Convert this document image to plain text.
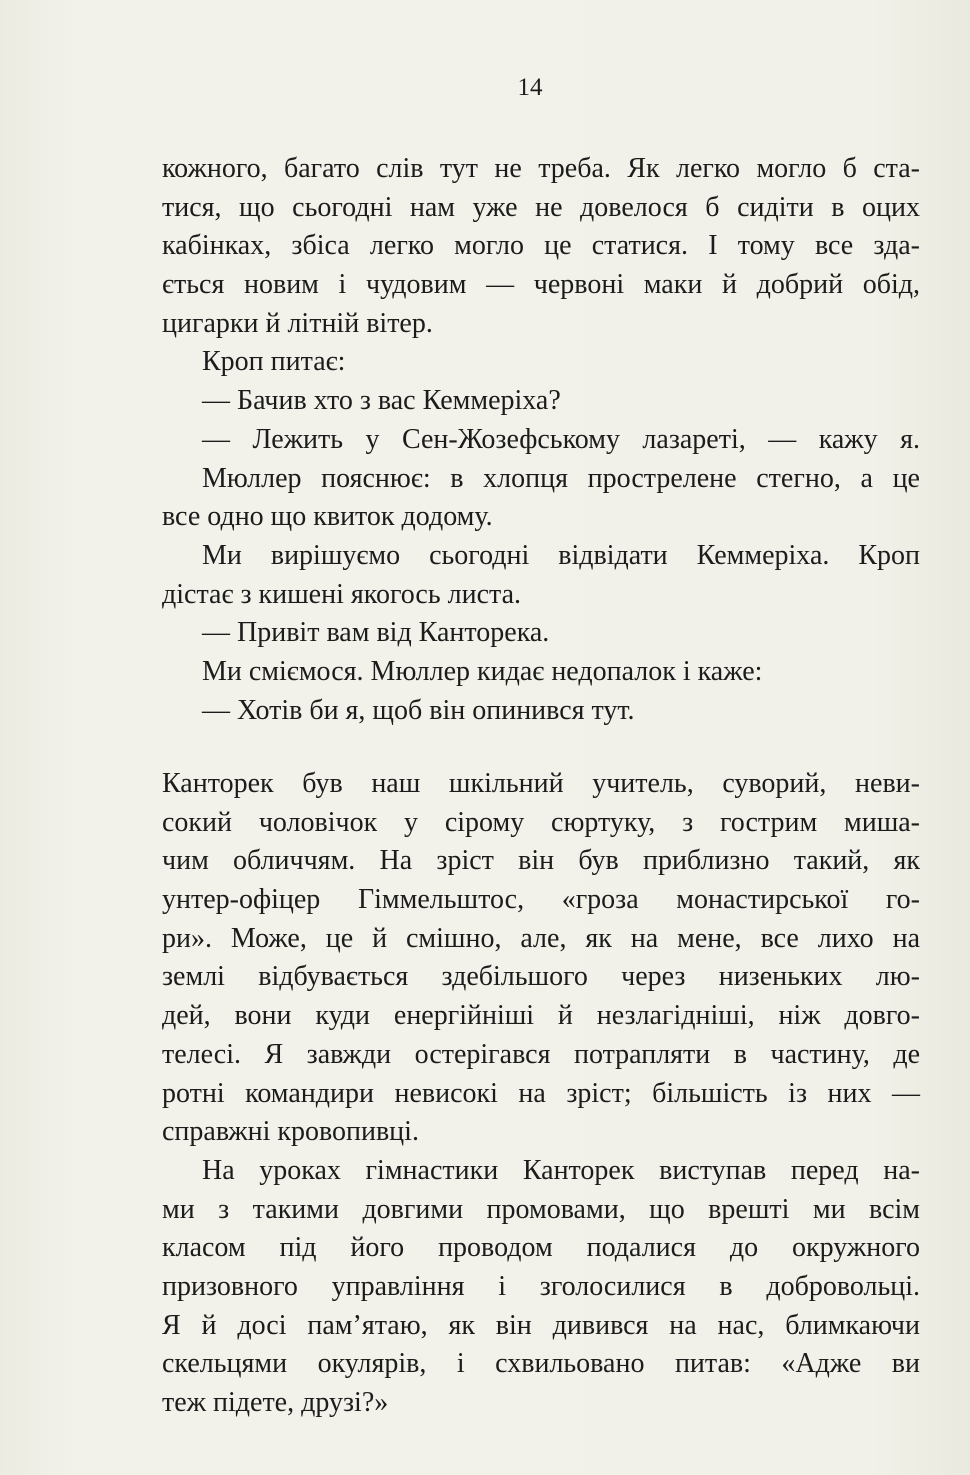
14
кожного, багато слів тут не треба. Як легко могло б ста-
тися, що сьогодні нам уже не довелося б сидіти в оцих
кабінках, збіса легко могло це статися. І тому все зда-
ється новим і чудовим — червоні маки й добрий обід,
цигарки й літній вітер.
Кроп питає:
— Бачив хто з вас Кеммеріха?
— Лежить у Сен-Жозефському лазареті, — кажу я.
Мюллер пояснює: в хлопця прострелене стегно, а це
все одно що квиток додому.
Ми вирішуємо сьогодні відвідати Кеммеріха. Кроп
дістає з кишені якогось листа.
— Привіт вам від Канторека.
Ми сміємося. Мюллер кидає недопалок і каже:
— Хотів би я, щоб він опинився тут.
Канторек був наш шкільний учитель, суворий, неви-
сокий чоловічок у сірому сюртуку, з гострим миша-
чим обличчям. На зріст він був приблизно такий, як
унтер-офіцер Гіммельштос, «гроза монастирської го-
ри». Може, це й смішно, але, як на мене, все лихо на
землі відбувається здебільшого через низеньких лю-
дей, вони куди енергійніші й незлагідніші, ніж довго-
телесі. Я завжди остерігався потрапляти в частину, де
ротні командири невисокі на зріст; більшість із них —
справжні кровопивці.
На уроках гімнастики Канторек виступав перед на-
ми з такими довгими промовами, що врешті ми всім
класом під його проводом подалися до окружного
призовного управління і зголосилися в добровольці.
Я й досі пам’ятаю, як він дивився на нас, блимкаючи
скельцями окулярів, і схвильовано питав: «Адже ви
теж підете, друзі?»
